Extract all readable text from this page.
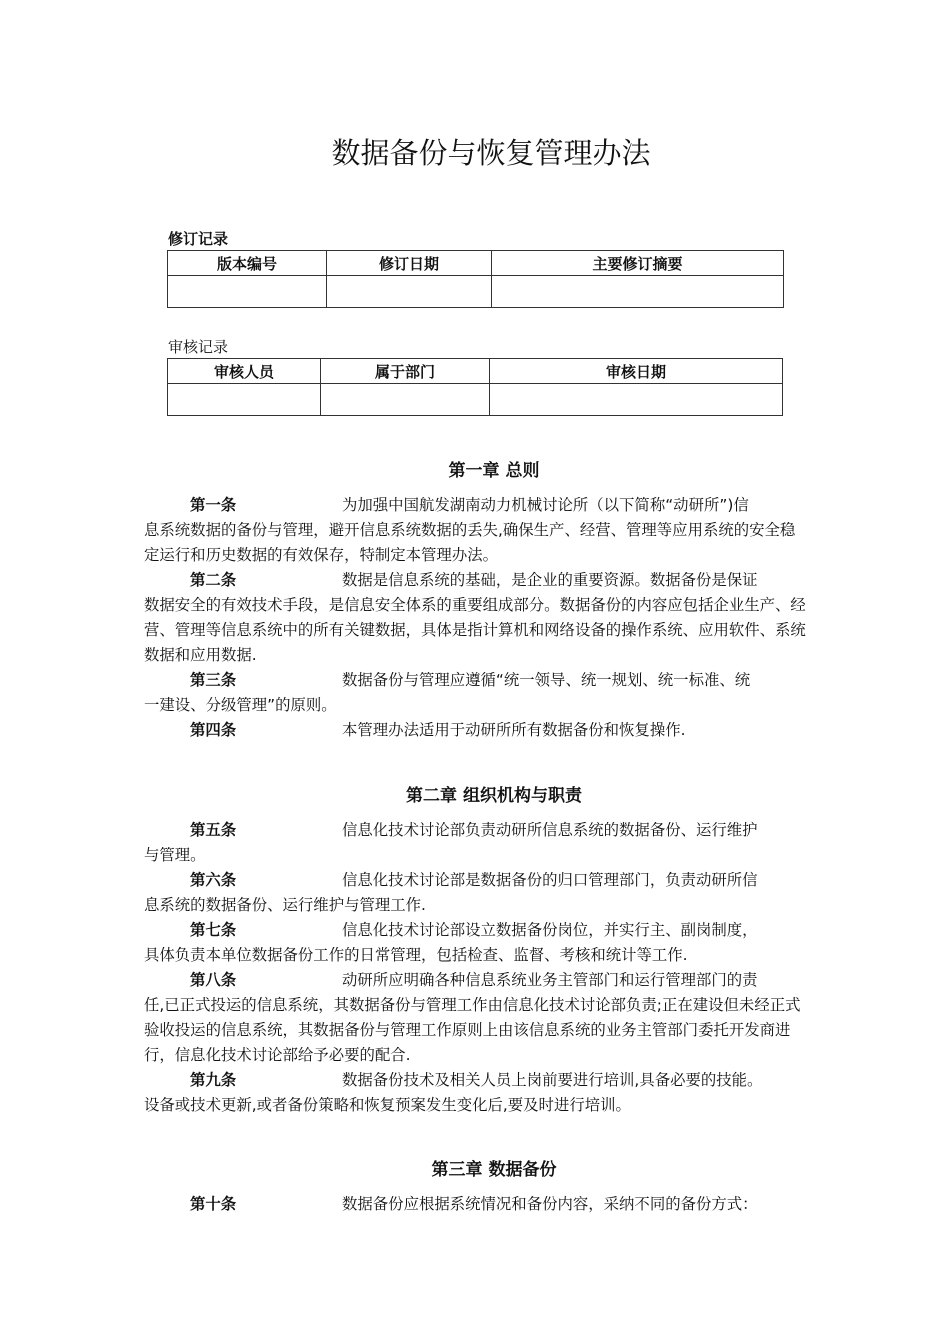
数据备份与恢复管理办法
修订记录
版本编号	修订日期	主要修订摘要

审核记录
审核人员	属于部门	审核日期

第一章 总则
第一条	为加强中国航发湖南动力机械讨论所（以下简称“动研所”)信
息系统数据的备份与管理，避开信息系统数据的丢失,确保生产、经营、管理等应用系统的安全稳定运行和历史数据的有效保存，特制定本管理办法。
第二条	数据是信息系统的基础，是企业的重要资源。数据备份是保证
数据安全的有效技术手段，是信息安全体系的重要组成部分。数据备份的内容应包括企业生产、经营、管理等信息系统中的所有关键数据，具体是指计算机和网络设备的操作系统、应用软件、系统数据和应用数据.
第三条	数据备份与管理应遵循“统一领导、统一规划、统一标准、统
一建设、分级管理”的原则。
第四条	本管理办法适用于动研所所有数据备份和恢复操作.
第二章 组织机构与职责
第五条	信息化技术讨论部负责动研所信息系统的数据备份、运行维护
与管理。
第六条	信息化技术讨论部是数据备份的归口管理部门，负责动研所信
息系统的数据备份、运行维护与管理工作.
第七条	信息化技术讨论部设立数据备份岗位，并实行主、副岗制度，
具体负责本单位数据备份工作的日常管理，包括检查、监督、考核和统计等工作.
第八条	动研所应明确各种信息系统业务主管部门和运行管理部门的责
任,已正式投运的信息系统，其数据备份与管理工作由信息化技术讨论部负责;正在建设但未经正式验收投运的信息系统，其数据备份与管理工作原则上由该信息系统的业务主管部门委托开发商进行，信息化技术讨论部给予必要的配合.
第九条	数据备份技术及相关人员上岗前要进行培训,具备必要的技能。
设备或技术更新,或者备份策略和恢复预案发生变化后,要及时进行培训。
第三章 数据备份
第十条	数据备份应根据系统情况和备份内容，采纳不同的备份方式：
